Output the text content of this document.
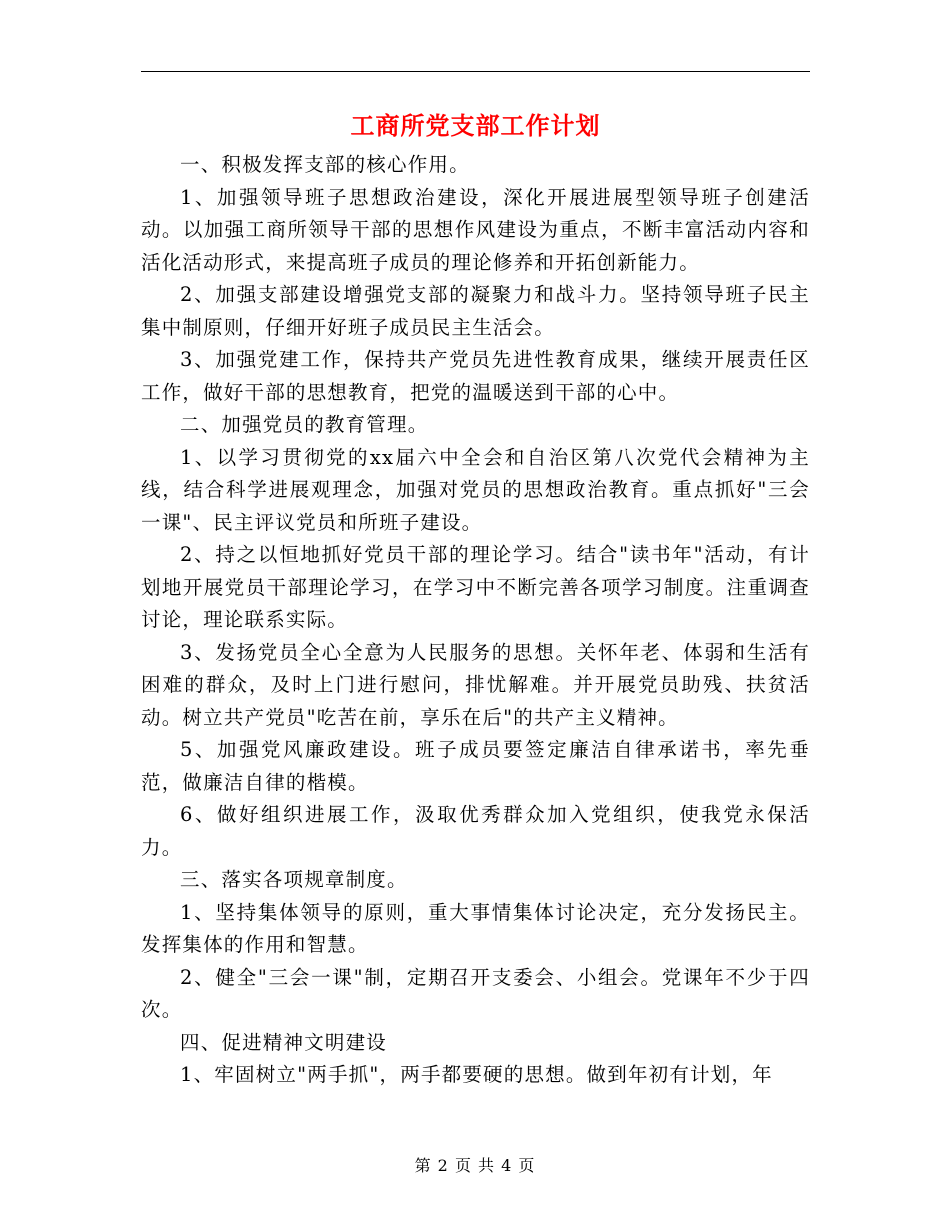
工商所党支部工作计划

一、积极发挥支部的核心作用。

1、加强领导班子思想政治建设，深化开展进展型领导班子创建活动。以加强工商所领导干部的思想作风建设为重点，不断丰富活动内容和活化活动形式，来提高班子成员的理论修养和开拓创新能力。

2、加强支部建设增强党支部的凝聚力和战斗力。坚持领导班子民主集中制原则，仔细开好班子成员民主生活会。

3、加强党建工作，保持共产党员先进性教育成果，继续开展责任区工作，做好干部的思想教育，把党的温暖送到干部的心中。

二、加强党员的教育管理。

1、以学习贯彻党的xx届六中全会和自治区第八次党代会精神为主线，结合科学进展观理念，加强对党员的思想政治教育。重点抓好"三会一课"、民主评议党员和所班子建设。

2、持之以恒地抓好党员干部的理论学习。结合"读书年"活动，有计划地开展党员干部理论学习，在学习中不断完善各项学习制度。注重调查讨论，理论联系实际。

3、发扬党员全心全意为人民服务的思想。关怀年老、体弱和生活有困难的群众，及时上门进行慰问，排忧解难。并开展党员助残、扶贫活动。树立共产党员"吃苦在前，享乐在后"的共产主义精神。

5、加强党风廉政建设。班子成员要签定廉洁自律承诺书，率先垂范，做廉洁自律的楷模。

6、做好组织进展工作，汲取优秀群众加入党组织，使我党永保活力。

三、落实各项规章制度。

1、坚持集体领导的原则，重大事情集体讨论决定，充分发扬民主。发挥集体的作用和智慧。

2、健全"三会一课"制，定期召开支委会、小组会。党课年不少于四次。

四、促进精神文明建设

1、牢固树立"两手抓"，两手都要硬的思想。做到年初有计划，年

第 2 页 共 4 页
